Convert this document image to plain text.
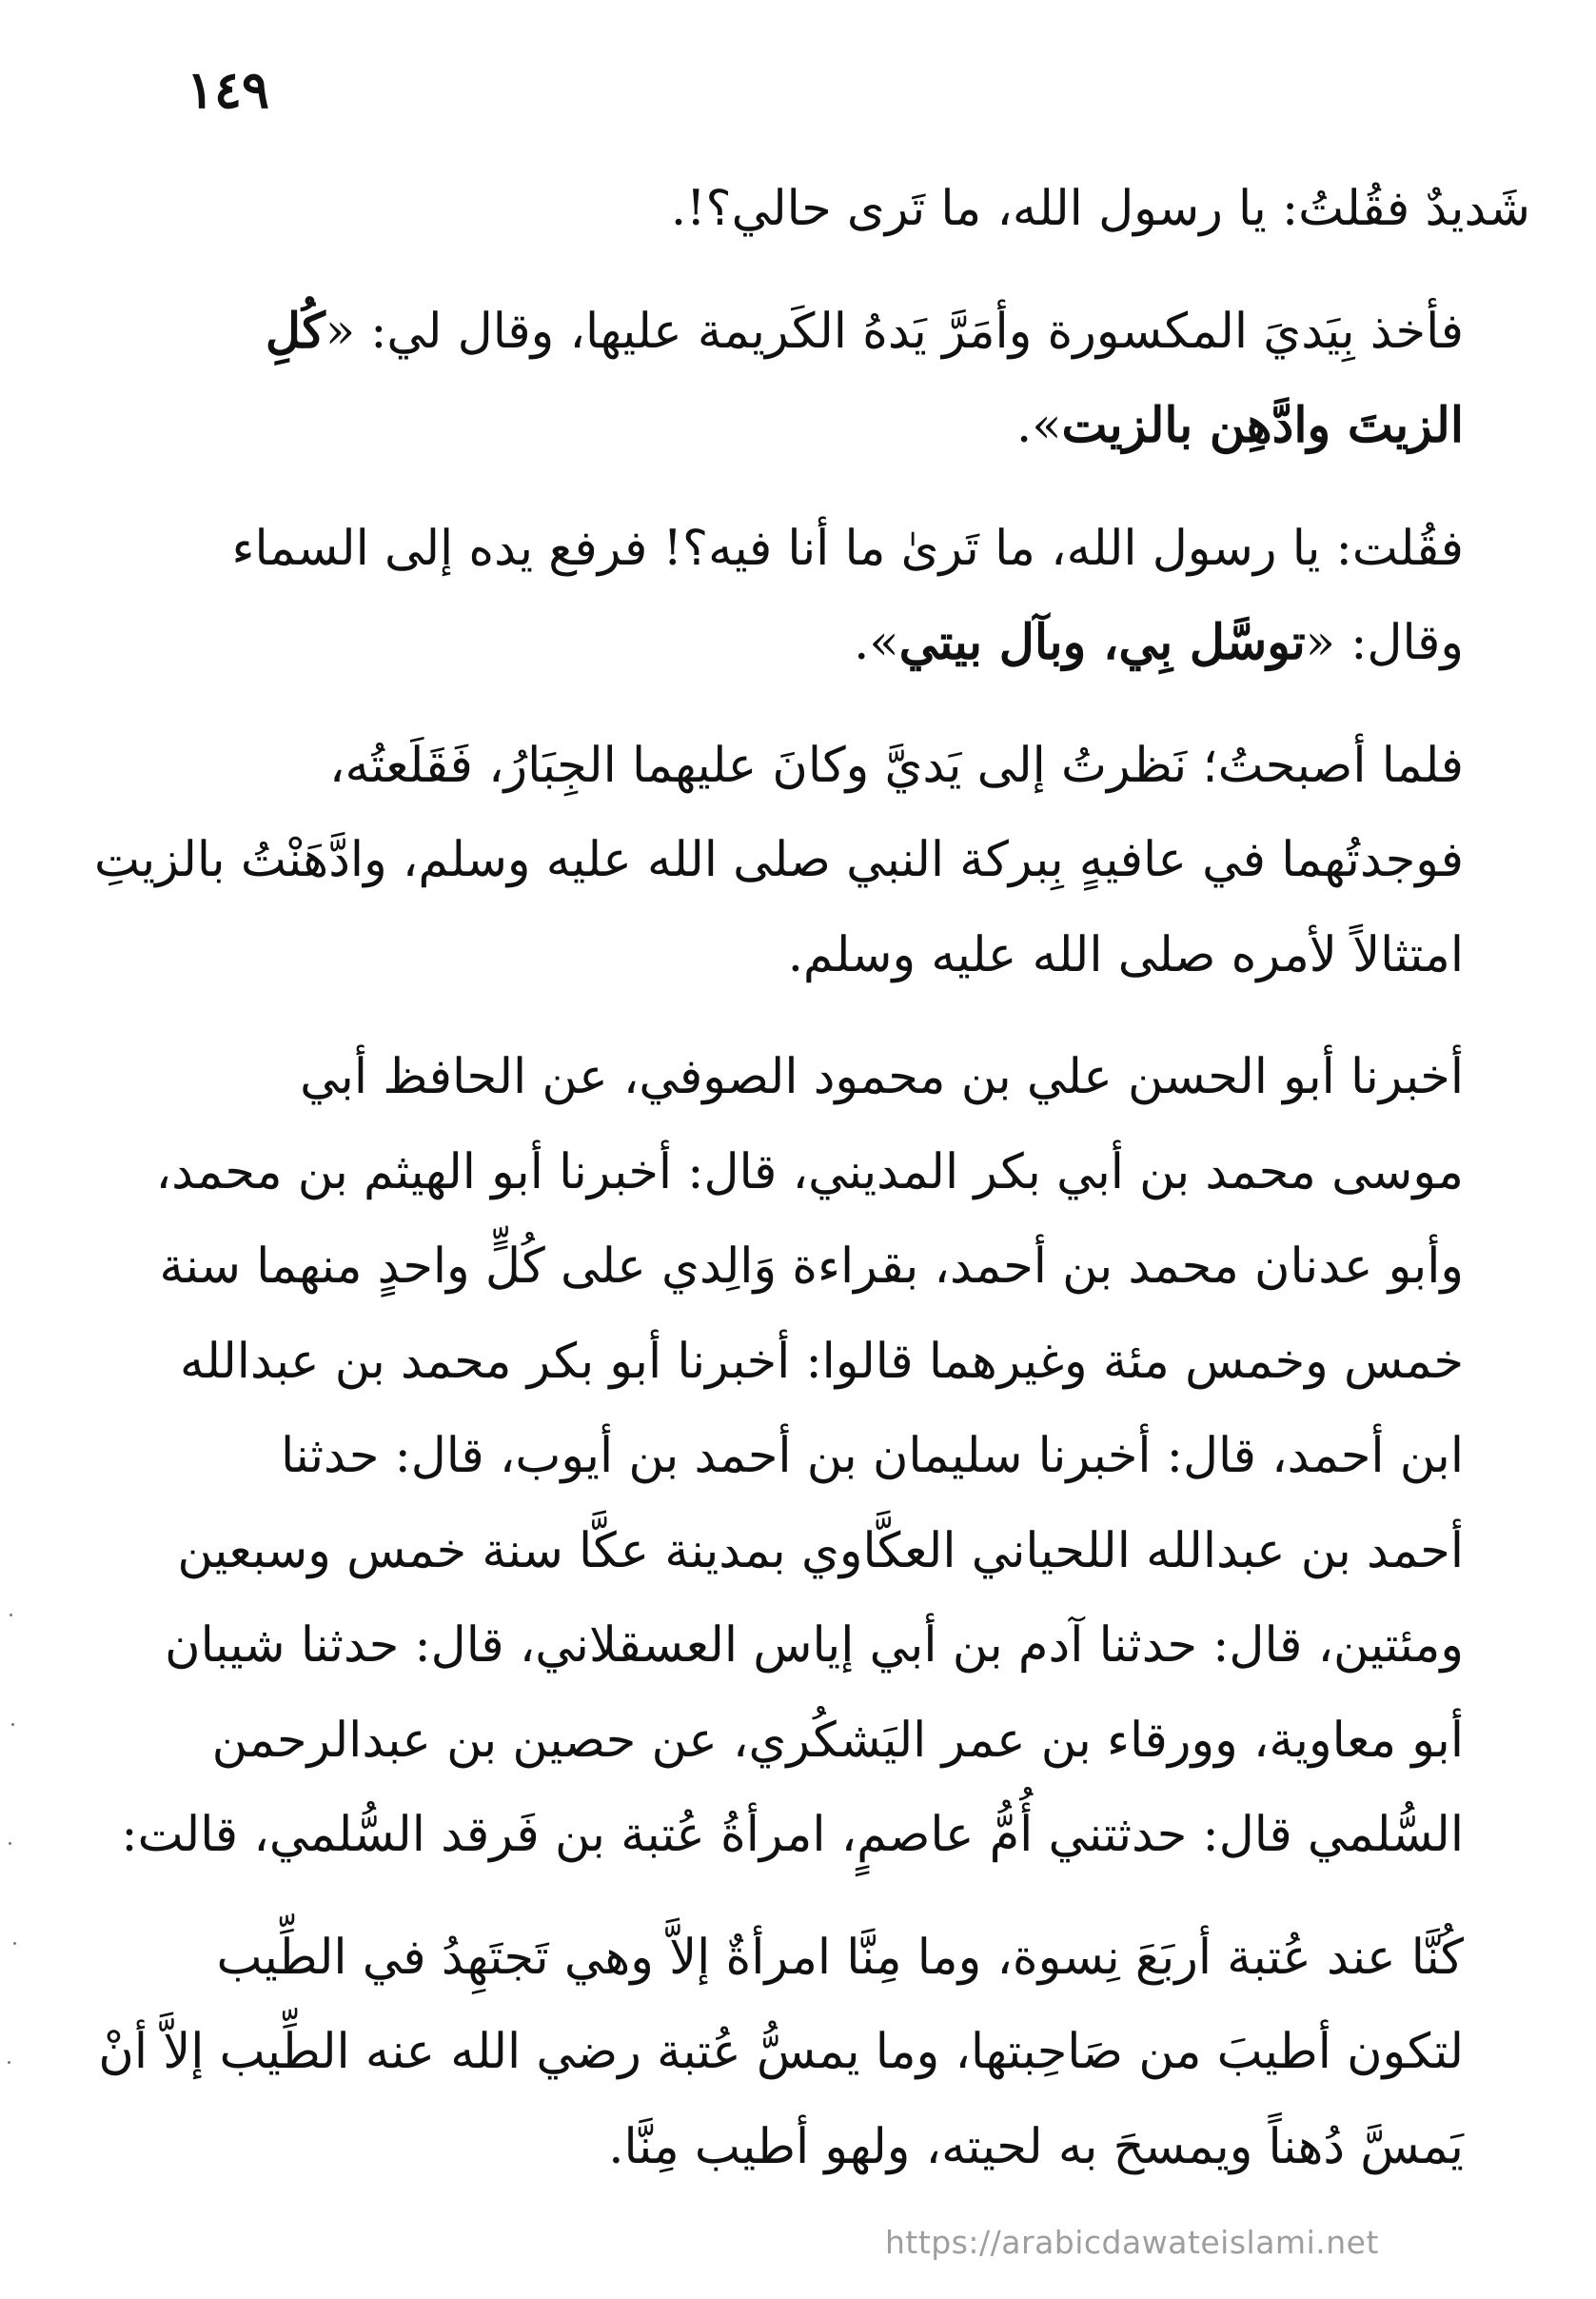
١٤٩
شَديدٌ فقُلتُ: يا رسول الله، ما تَرى حالي؟!.
فأخذ بِيَديَ المكسورة وأمَرَّ يَدهُ الكَريمة عليها، وقال لي: «كُلِ
الزيتَ وادَّهِن بالزيت».
فقُلت: يا رسول الله، ما تَرىٰ ما أنا فيه؟! فرفع يده إلى السماء
وقال: «توسَّل بِي، وبآل بيتي».
فلما أصبحتُ؛ نَظرتُ إلى يَديَّ وكانَ عليهما الجِبَارُ، فَقَلَعتُه،
فوجدتُهما في عافيهٍ بِبركة النبي صلى الله عليه وسلم، وادَّهَنْتُ بالزيتِ
امتثالاً لأمره صلى الله عليه وسلم.
أخبرنا أبو الحسن علي بن محمود الصوفي، عن الحافظ أبي
موسى محمد بن أبي بكر المديني، قال: أخبرنا أبو الهيثم بن محمد،
وأبو عدنان محمد بن أحمد، بقراءة وَالِدي على كُلٍّ واحدٍ منهما سنة
خمس وخمس مئة وغيرهما قالوا: أخبرنا أبو بكر محمد بن عبدالله
ابن أحمد، قال: أخبرنا سليمان بن أحمد بن أيوب، قال: حدثنا
أحمد بن عبدالله اللحياني العكَّاوي بمدينة عكَّا سنة خمس وسبعين
ومئتين، قال: حدثنا آدم بن أبي إياس العسقلاني، قال: حدثنا شيبان
أبو معاوية، وورقاء بن عمر اليَشكُري، عن حصين بن عبدالرحمن
السُّلمي قال: حدثتني أُمُّ عاصمٍ، امرأةُ عُتبة بن فَرقد السُّلمي، قالت:
كُنَّا عند عُتبة أربَعَ نِسوة، وما مِنَّا امرأةٌ إلاَّ وهي تَجتَهِدُ في الطِّيب
لتكون أطيبَ من صَاحِبتها، وما يمسُّ عُتبة رضي الله عنه الطِّيب إلاَّ أنْ
يَمسَّ دُهناً ويمسحَ به لحيته، ولهو أطيب مِنَّا.
https://arabicdawateislami.net
